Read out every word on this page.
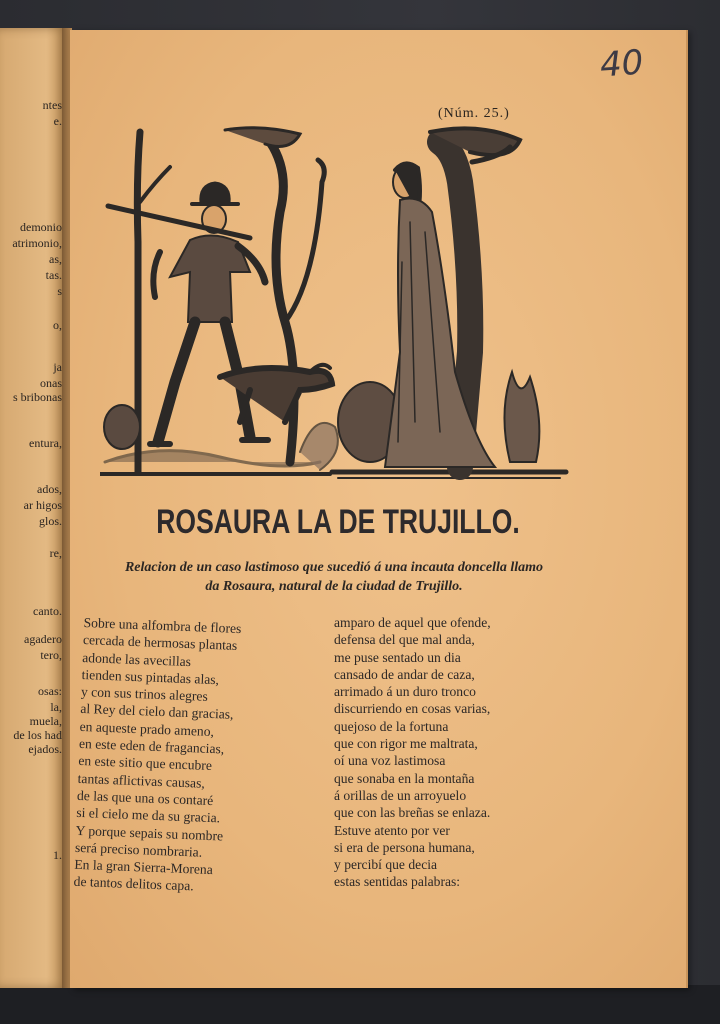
ntes
e.
demonio
atrimonio,
as,
tas.
s
o,
ja
onas
s bribonas
entura,
ados,
ar higos
glos.
re,
canto.
agadero
tero,
osas:
la,
muela,
de los had
ejados.
1.
40
(Núm. 25.)
ROSAURA LA DE TRUJILLO.
Relacion de un caso lastimoso que sucedió á una incauta doncella llamo
da Rosaura, natural de la ciudad de Trujillo.
Sobre una alfombra de flores
cercada de hermosas plantas
adonde las avecillas
tienden sus pintadas alas,
y con sus trinos alegres
al Rey del cielo dan gracias,
en aqueste prado ameno,
en este eden de fragancias,
en este sitio que encubre
tantas aflictivas causas,
de las que una os contaré
si el cielo me da su gracia.
Y porque sepais su nombre
será preciso nombraria.
En la gran Sierra-Morena
de tantos delitos capa.
amparo de aquel que ofende,
defensa del que mal anda,
me puse sentado un dia
cansado de andar de caza,
arrimado á un duro tronco
discurriendo en cosas varias,
quejoso de la fortuna
que con rigor me maltrata,
oí una voz lastimosa
que sonaba en la montaña
á orillas de un arroyuelo
que con las breñas se enlaza.
Estuve atento por ver
si era de persona humana,
y percibí que decia
estas sentidas palabras:
